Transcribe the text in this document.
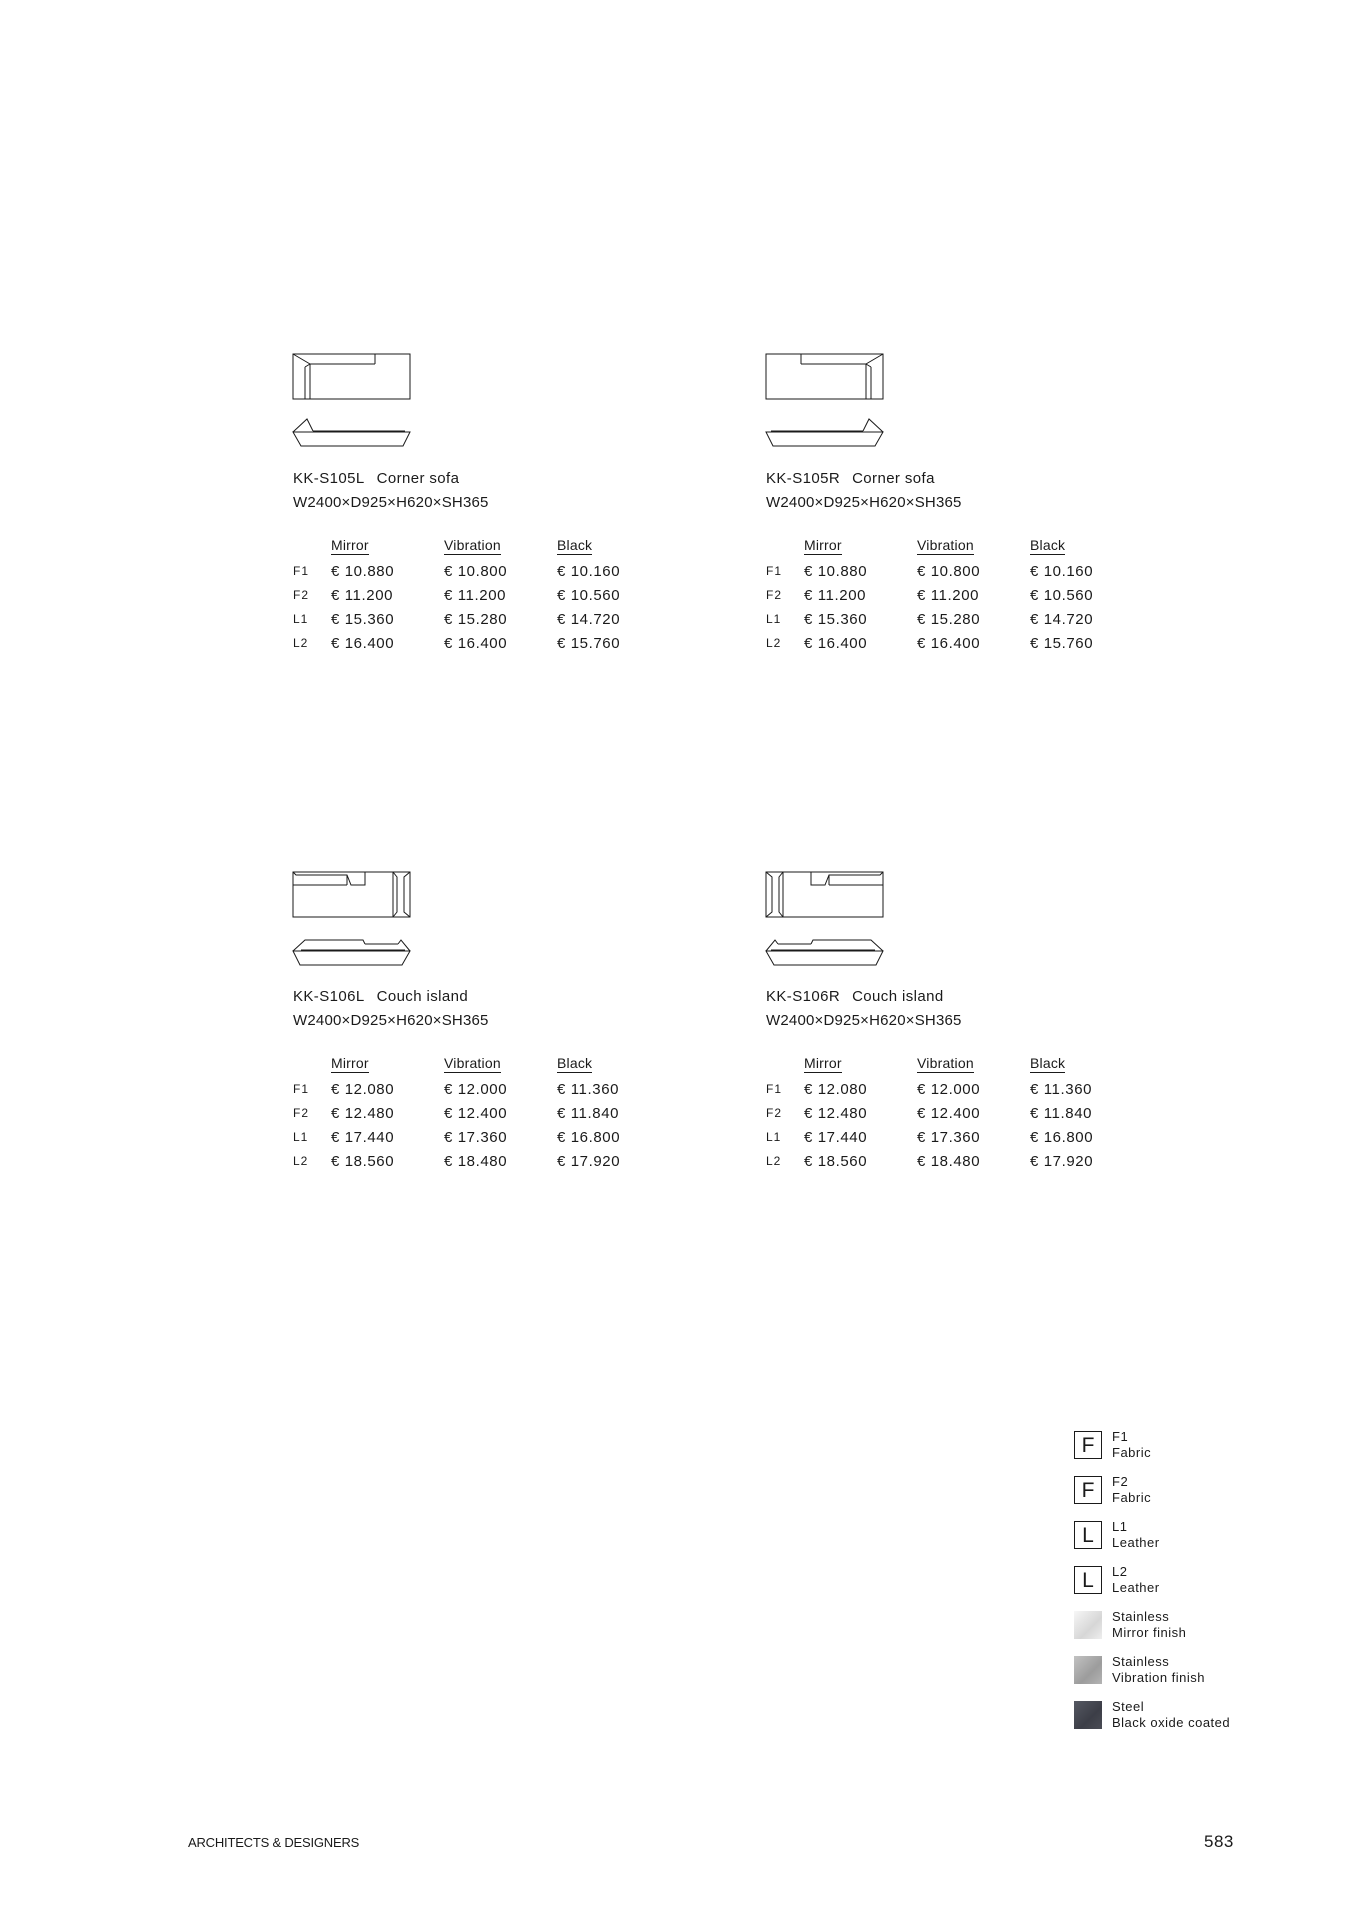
KK-S105L Corner sofa
W2400×D925×H620×SH365
	Mirror	Vibration	Black
F1	€ 10.880	€ 10.800	€ 10.160
F2	€ 11.200	€ 11.200	€ 10.560
L1	€ 15.360	€ 15.280	€ 14.720
L2	€ 16.400	€ 16.400	€ 15.760
KK-S105R Corner sofa
W2400×D925×H620×SH365
	Mirror	Vibration	Black
F1	€ 10.880	€ 10.800	€ 10.160
F2	€ 11.200	€ 11.200	€ 10.560
L1	€ 15.360	€ 15.280	€ 14.720
L2	€ 16.400	€ 16.400	€ 15.760
KK-S106L Couch island
W2400×D925×H620×SH365
	Mirror	Vibration	Black
F1	€ 12.080	€ 12.000	€ 11.360
F2	€ 12.480	€ 12.400	€ 11.840
L1	€ 17.440	€ 17.360	€ 16.800
L2	€ 18.560	€ 18.480	€ 17.920
KK-S106R Couch island
W2400×D925×H620×SH365
	Mirror	Vibration	Black
F1	€ 12.080	€ 12.000	€ 11.360
F2	€ 12.480	€ 12.400	€ 11.840
L1	€ 17.440	€ 17.360	€ 16.800
L2	€ 18.560	€ 18.480	€ 17.920
F	F1
Fabric
F	F2
Fabric
L	L1
Leather
L	L2
Leather
Stainless
Mirror finish
Stainless
Vibration finish
Steel
Black oxide coated
ARCHITECTS & DESIGNERS	583
